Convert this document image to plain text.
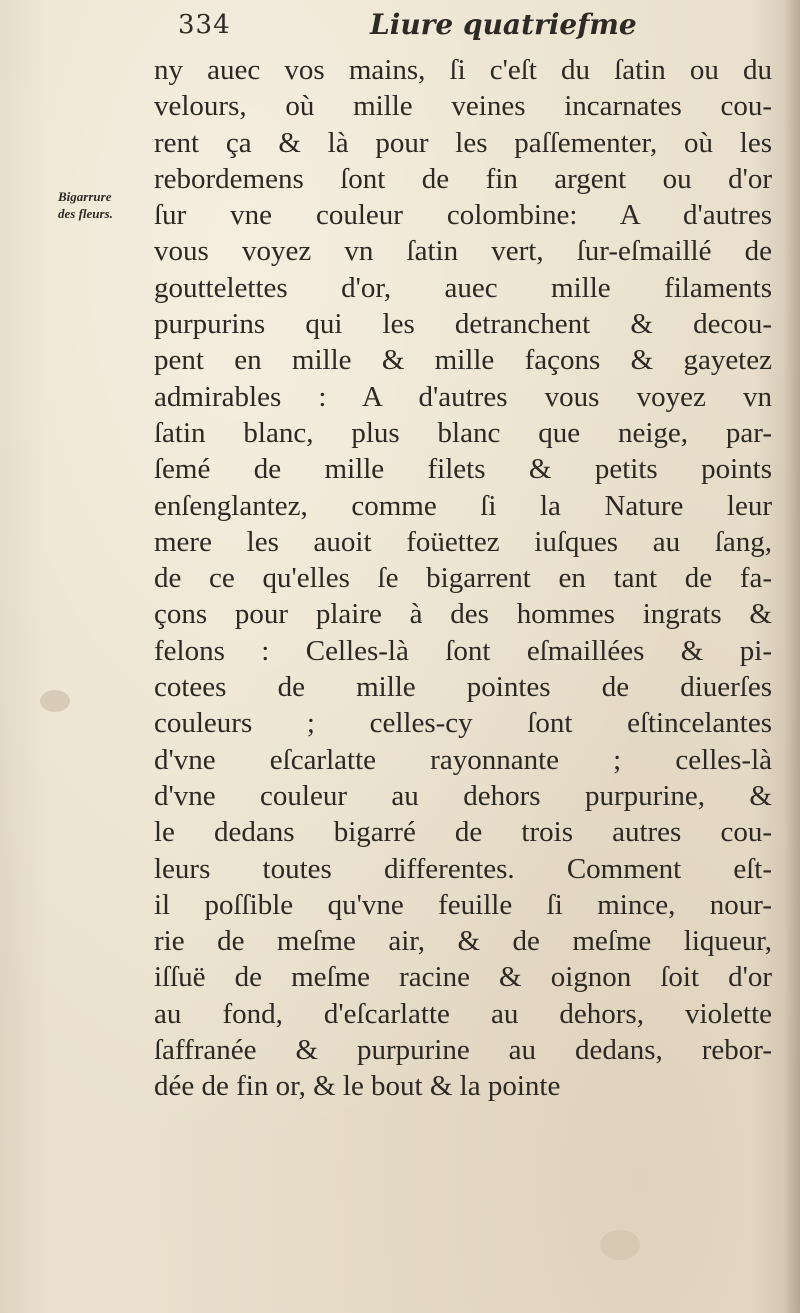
334	Liure quatriefme
Bigarrure
des fleurs.
ny auec vos mains, ſi c'eſt du ſatin ou du
velours, où mille veines incarnates cou-
rent ça & là pour les paſſementer, où les
rebordemens ſont de fin argent ou d'or
ſur vne couleur colombine: A d'autres
vous voyez vn ſatin vert, ſur-eſmaillé de
gouttelettes d'or, auec mille filaments
purpurins qui les detranchent & decou-
pent en mille & mille façons & gayetez
admirables : A d'autres vous voyez vn
ſatin blanc, plus blanc que neige, par-
ſemé de mille filets & petits points
enſenglantez, comme ſi la Nature leur
mere les auoit foüettez iuſques au ſang,
de ce qu'elles ſe bigarrent en tant de fa-
çons pour plaire à des hommes ingrats &
felons : Celles-là ſont eſmaillées & pi-
cotees de mille pointes de diuerſes
couleurs ; celles-cy ſont eſtincelantes
d'vne eſcarlatte rayonnante ; celles-là
d'vne couleur au dehors purpurine, &
le dedans bigarré de trois autres cou-
leurs toutes differentes. Comment eſt-
il poſſible qu'vne feuille ſi mince, nour-
rie de meſme air, & de meſme liqueur,
iſſuë de meſme racine & oignon ſoit d'or
au fond, d'eſcarlatte au dehors, violette
ſaffranée & purpurine au dedans, rebor-
dée de fin or, & le bout & la pointe
